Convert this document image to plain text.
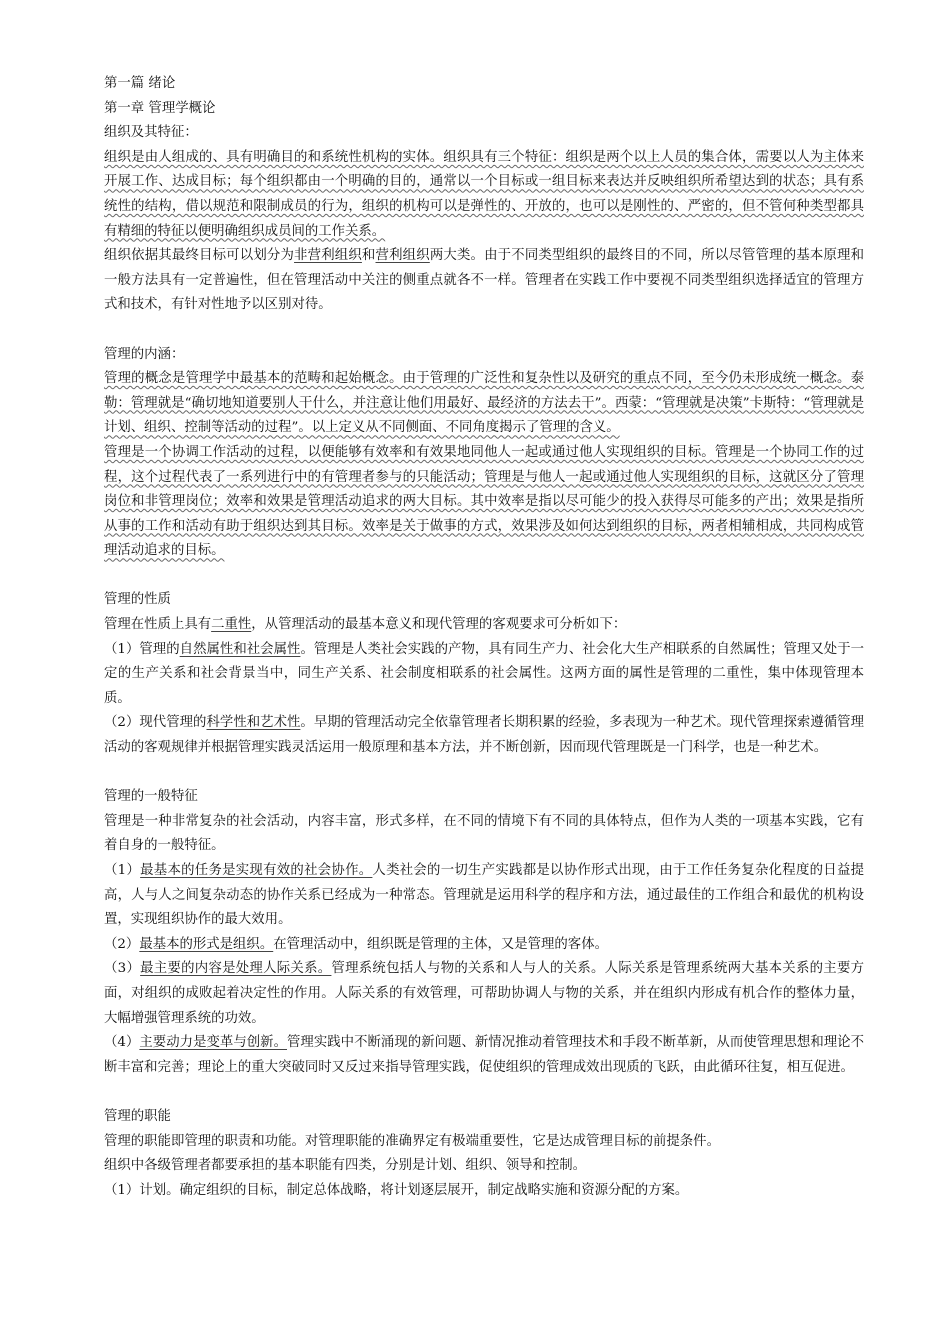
第一篇 绪论
第一章 管理学概论
组织及其特征：

组织是由人组成的、具有明确目的和系统性机构的实体。组织具有三个特征：组织是两个以上人员的集合体，需要以人为主体来开展工作、达成目标；每个组织都由一个明确的目的，通常以一个目标或一组目标来表达并反映组织所希望达到的状态；具有系统性的结构，借以规范和限制成员的行为，组织的机构可以是弹性的、开放的，也可以是刚性的、严密的，但不管何种类型都具有精细的特征以便明确组织成员间的工作关系。

组织依据其最终目标可以划分为非营利组织和营利组织两大类。由于不同类型组织的最终目的不同，所以尽管管理的基本原理和一般方法具有一定普遍性，但在管理活动中关注的侧重点就各不一样。管理者在实践工作中要视不同类型组织选择适宜的管理方式和技术，有针对性地予以区别对待。

管理的内涵：

管理的概念是管理学中最基本的范畴和起始概念。由于管理的广泛性和复杂性以及研究的重点不同，至今仍未形成统一概念。泰勒：管理就是“确切地知道要别人干什么，并注意让他们用最好、最经济的方法去干”。西蒙：“管理就是决策”卡斯特：“管理就是计划、组织、控制等活动的过程”。以上定义从不同侧面、不同角度揭示了管理的含义。

管理是一个协调工作活动的过程，以便能够有效率和有效果地同他人一起或通过他人实现组织的目标。管理是一个协同工作的过程，这个过程代表了一系列进行中的有管理者参与的只能活动；管理是与他人一起或通过他人实现组织的目标，这就区分了管理岗位和非管理岗位；效率和效果是管理活动追求的两大目标。其中效率是指以尽可能少的投入获得尽可能多的产出；效果是指所从事的工作和活动有助于组织达到其目标。效率是关于做事的方式，效果涉及如何达到组织的目标，两者相辅相成，共同构成管理活动追求的目标。

管理的性质

管理在性质上具有二重性，从管理活动的最基本意义和现代管理的客观要求可分析如下：

（1）管理的自然属性和社会属性。管理是人类社会实践的产物，具有同生产力、社会化大生产相联系的自然属性；管理又处于一定的生产关系和社会背景当中，同生产关系、社会制度相联系的社会属性。这两方面的属性是管理的二重性，集中体现管理本质。

（2）现代管理的科学性和艺术性。早期的管理活动完全依靠管理者长期积累的经验，多表现为一种艺术。现代管理探索遵循管理活动的客观规律并根据管理实践灵活运用一般原理和基本方法，并不断创新，因而现代管理既是一门科学，也是一种艺术。

管理的一般特征

管理是一种非常复杂的社会活动，内容丰富，形式多样，在不同的情境下有不同的具体特点，但作为人类的一项基本实践，它有着自身的一般特征。

（1）最基本的任务是实现有效的社会协作。人类社会的一切生产实践都是以协作形式出现，由于工作任务复杂化程度的日益提高，人与人之间复杂动态的协作关系已经成为一种常态。管理就是运用科学的程序和方法，通过最佳的工作组合和最优的机构设置，实现组织协作的最大效用。

（2）最基本的形式是组织。在管理活动中，组织既是管理的主体，又是管理的客体。

（3）最主要的内容是处理人际关系。管理系统包括人与物的关系和人与人的关系。人际关系是管理系统两大基本关系的主要方面，对组织的成败起着决定性的作用。人际关系的有效管理，可帮助协调人与物的关系，并在组织内形成有机合作的整体力量，大幅增强管理系统的功效。

（4）主要动力是变革与创新。管理实践中不断涌现的新问题、新情况推动着管理技术和手段不断革新，从而使管理思想和理论不断丰富和完善；理论上的重大突破同时又反过来指导管理实践，促使组织的管理成效出现质的飞跃，由此循环往复，相互促进。

管理的职能

管理的职能即管理的职责和功能。对管理职能的准确界定有极端重要性，它是达成管理目标的前提条件。

组织中各级管理者都要承担的基本职能有四类，分别是计划、组织、领导和控制。

（1）计划。确定组织的目标，制定总体战略，将计划逐层展开，制定战略实施和资源分配的方案。
